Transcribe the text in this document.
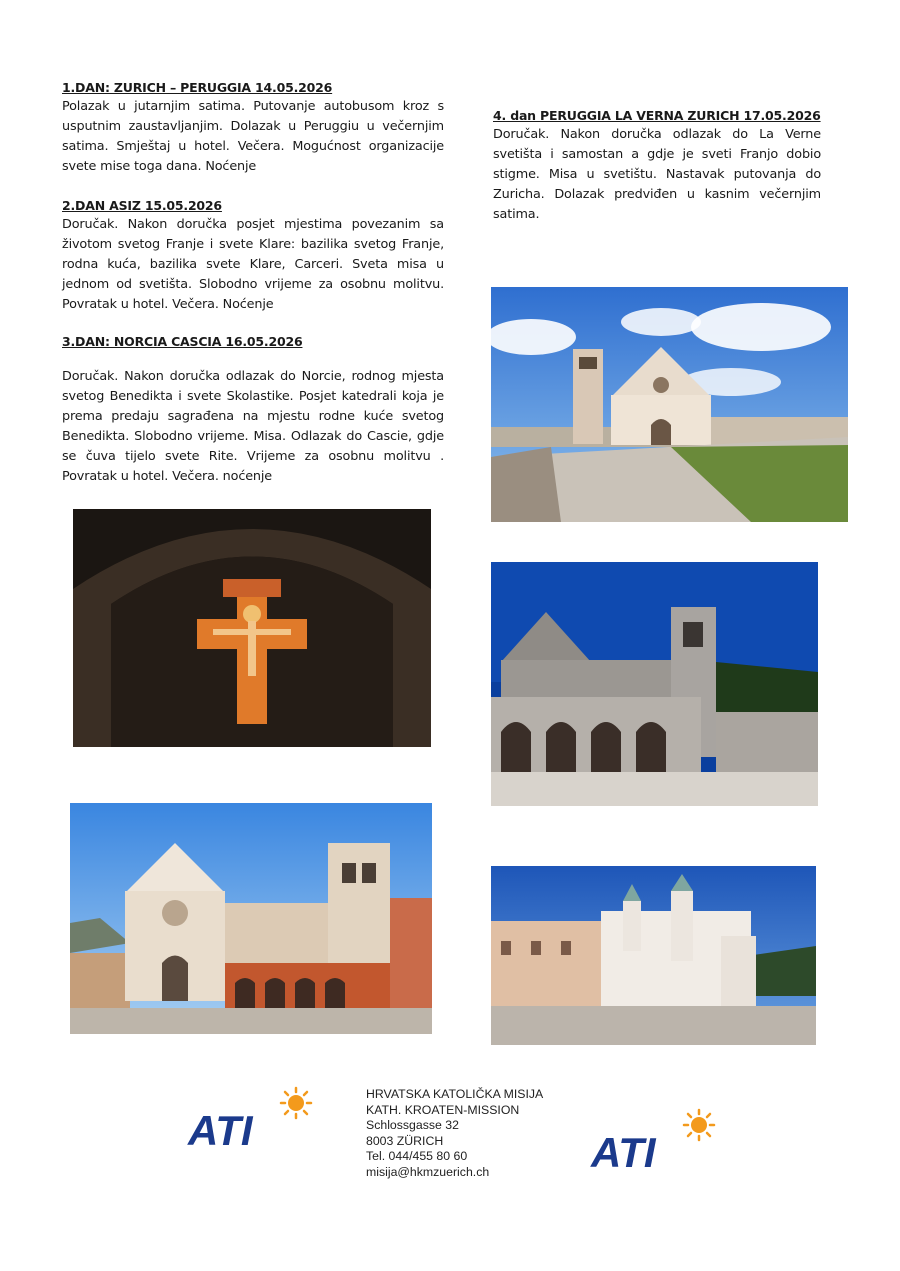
1.DAN: ZURICH – PERUGGIA 14.05.2026

Polazak u jutarnjim satima. Putovanje autobusom kroz s usputnim zaustavljanjim. Dolazak u Peruggiu u večernjim satima. Smještaj u hotel. Večera. Mogućnost organizacije svete mise toga dana. Noćenje

2.DAN ASIZ 15.05.2026

Doručak. Nakon doručka posjet mjestima povezanim sa životom svetog Franje i svete Klare: bazilika svetog Franje, rodna kuća, bazilika svete Klare, Carceri. Sveta misa u jednom od svetišta. Slobodno vrijeme za osobnu molitvu. Povratak u hotel. Večera. Noćenje

3.DAN: NORCIA CASCIA 16.05.2026

Doručak. Nakon doručka odlazak do Norcie, rodnog mjesta svetog Benedikta i svete Skolastike. Posjet katedrali koja je prema predaju sagrađena na mjestu rodne kuće svetog Benedikta. Slobodno vrijeme. Misa. Odlazak do Cascie, gdje se čuva tijelo svete Rite. Vrijeme za osobnu molitvu . Povratak u hotel. Večera. noćenje

4. dan PERUGGIA LA VERNA ZURICH 17.05.2026

Doručak. Nakon doručka odlazak do La Verne svetišta i samostan a gdje je sveti Franjo dobio stigme. Misa u svetištu. Nastavak putovanja do Zuricha. Dolazak predviđen u kasnim večernjim satima.

ATI	ATI
HRVATSKA KATOLIČKA MISIJA
KATH. KROATEN-MISSION
Schlossgasse 32
8003 ZÜRICH
Tel. 044/455 80 60
misija@hkmzuerich.ch
